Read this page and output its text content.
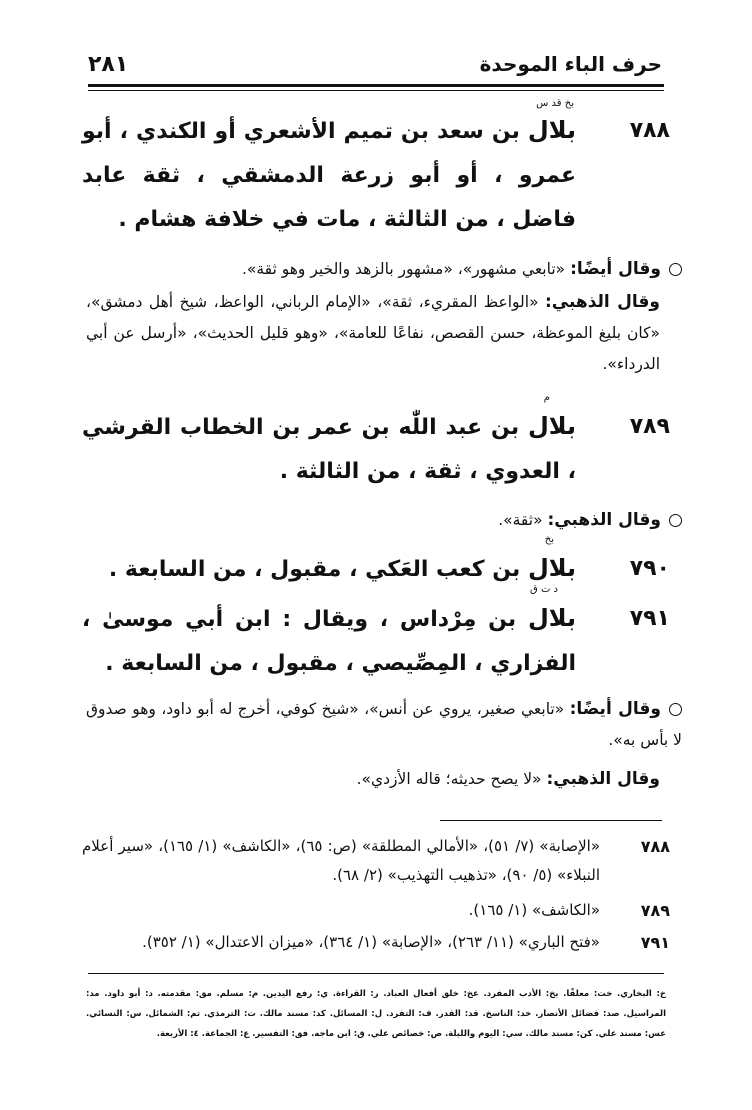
حرف الباء الموحدة
٢٨١
بخ قد س
٧٨٨
بلال بن سعد بن تميم الأشعري أو الكندي ، أبو عمرو ، أو أبو زرعة الدمشقي ، ثقة عابد فاضل ، من الثالثة ، مات في خلافة هشام .
وقال أيضًا: «تابعي مشهور»، «مشهور بالزهد والخير وهو ثقة».
وقال الذهبي: «الواعظ المقريء، ثقة»، «الإمام الرباني، الواعظ، شيخ أهل دمشق»، «كان بليغ الموعظة، حسن القصص، نفاعًا للعامة»، «وهو قليل الحديث»، «أرسل عن أبي الدرداء».
م
٧٨٩
بلال بن عبد اللّٰه بن عمر بن الخطاب القرشي ، العدوي ، ثقة ، من الثالثة .
وقال الذهبي: «ثقة».
بخ
٧٩٠
بلال بن كعب العَكي ، مقبول ، من السابعة .
د ت ق
٧٩١
بلال بن مِرْداس ، ويقال : ابن أبي موسىٰ ، الفزاري ، المِصِّيصي ، مقبول ، من السابعة .
وقال أيضًا: «تابعي صغير، يروي عن أنس»، «شيخ كوفي، أخرج له أبو داود، وهو صدوق لا بأس به».
وقال الذهبي: «لا يصح حديثه؛ قاله الأزدي».
٧٨٨
«الإصابة» (٧/ ٥١)، «الأمالي المطلقة» (ص: ٦٥)، «الكاشف» (١/ ١٦٥)، «سير أعلام النبلاء» (٥/ ٩٠)، «تذهيب التهذيب» (٢/ ٦٨).
٧٨٩
«الكاشف» (١/ ١٦٥).
٧٩١
«فتح الباري» (١١/ ٢٦٣)، «الإصابة» (١/ ٣٦٤)، «ميزان الاعتدال» (١/ ٣٥٢).
خ: البخاري. خت: معلقًا. بخ: الأدب المفرد. عخ: خلق أفعال العباد. ر: القراءة. ي: رفع اليدين. م: مسلم. مق: مقدمته. د: أبو داود. مد: المراسيل. صد: فضائل الأنصار. خد: الناسخ. قد: القدر. ف: التفرد. ل: المسائل. كد: مسند مالك. ت: الترمذي. تم: الشمائل. س: النسائي. عس: مسند علي. كن: مسند مالك. سي: اليوم والليلة. ص: خصائص علي. ق: ابن ماجه. فق: التفسير. ع: الجماعة. ٤: الأربعة.
